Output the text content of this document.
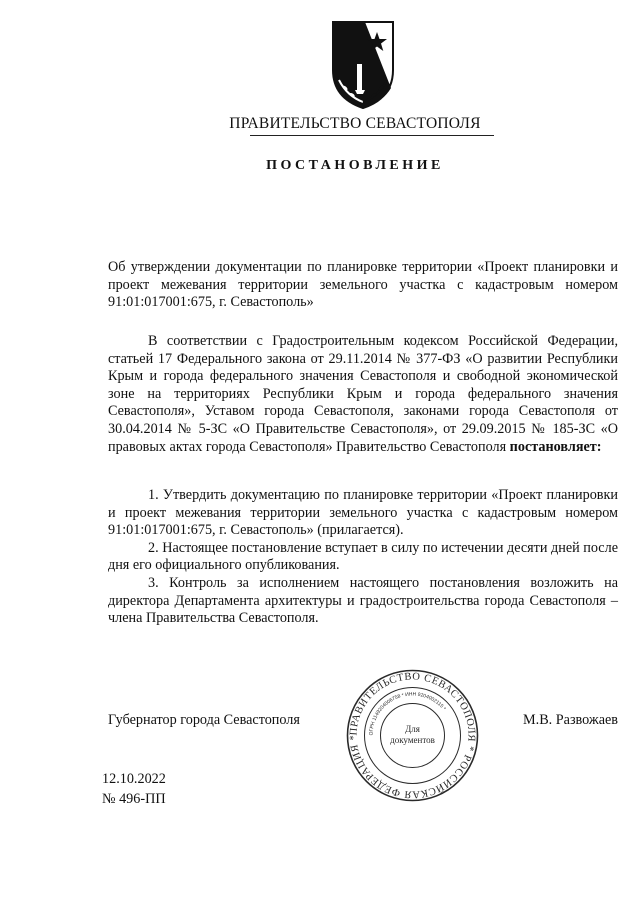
ПРАВИТЕЛЬСТВО СЕВАСТОПОЛЯ
ПОСТАНОВЛЕНИЕ

Об утверждении документации по планировке территории «Проект планировки и проект межевания территории земельного участка с кадастровым номером 91:01:017001:675, г. Севастополь»

В соответствии с Градостроительным кодексом Российской Федерации, статьей 17 Федерального закона от 29.11.2014 № 377-ФЗ «О развитии Республики Крым и города федерального значения Севастополя и свободной экономической зоне на территориях Республики Крым и города федерального значения Севастополя», Уставом города Севастополя, законами города Севастополя от 30.04.2014 № 5-ЗС «О Правительстве Севастополя», от 29.09.2015 № 185-ЗС «О правовых актах города Севастополя» Правительство Севастополя постановляет:

1. Утвердить документацию по планировке территории «Проект планировки и проект межевания территории земельного участка с кадастровым номером 91:01:017001:675, г. Севастополь» (прилагается).

2. Настоящее постановление вступает в силу по истечении десяти дней после дня его официального опубликования.

3. Контроль за исполнением настоящего постановления возложить на директора Департамента архитектуры и градостроительства города Севастополя – члена Правительства Севастополя.

Губернатор города Севастополя	М.В. Развожаев
ПРАВИТЕЛЬСТВО СЕВАСТОПОЛЯ * РОССИЙСКАЯ ФЕДЕРАЦИЯ *
ОГРН 1149204006758 * ИНН 9204002115 *
Для
документов
12.10.2022
№ 496-ПП
